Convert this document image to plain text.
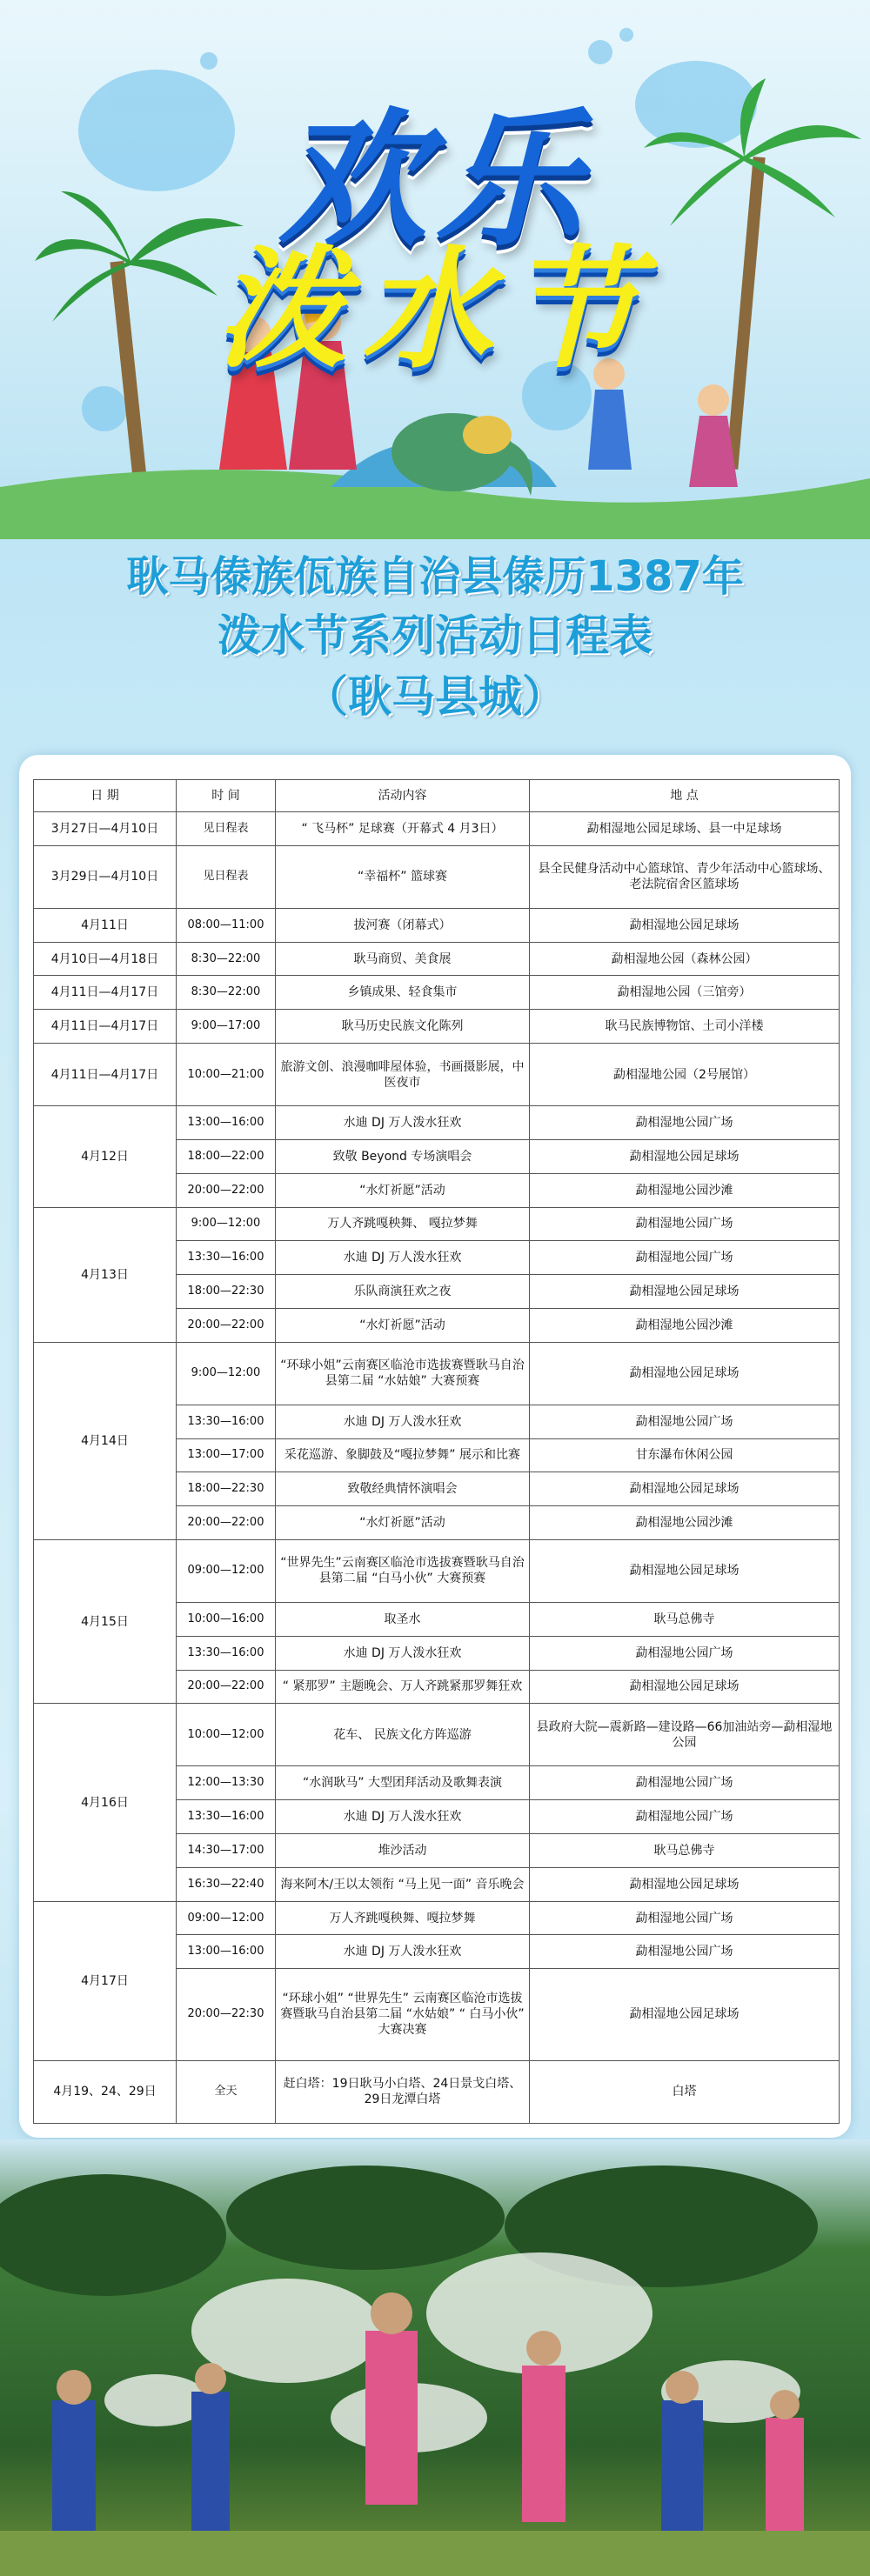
欢乐
泼水节
耿马傣族佤族自治县傣历1387年
泼水节系列活动日程表
（耿马县城）
日 期	时 间	活动内容	地 点
3月27日—4月10日	见日程表	“ 飞马杯” 足球赛（开幕式 4 月3日）	勐相湿地公园足球场、县一中足球场
3月29日—4月10日	见日程表	“幸福杯” 篮球赛	县全民健身活动中心篮球馆、青少年活动中心篮球场、老法院宿舍区篮球场
4月11日	08:00—11:00	拔河赛（闭幕式）	勐相湿地公园足球场
4月10日—4月18日	8:30—22:00	耿马商贸、美食展	勐相湿地公园（森林公园）
4月11日—4月17日	8:30—22:00	乡镇成果、轻食集市	勐相湿地公园（三馆旁）
4月11日—4月17日	9:00—17:00	耿马历史民族文化陈列	耿马民族博物馆、土司小洋楼
4月11日—4月17日	10:00—21:00	旅游文创、浪漫咖啡屋体验，书画摄影展，中医夜市	勐相湿地公园（2号展馆）
4月12日	13:00—16:00	水迪 DJ 万人泼水狂欢	勐相湿地公园广场
	18:00—22:00	致敬 Beyond 专场演唱会	勐相湿地公园足球场
	20:00—22:00	“水灯祈愿”活动	勐相湿地公园沙滩
4月13日	9:00—12:00	万人齐跳嘎秧舞、 嘎拉梦舞	勐相湿地公园广场
	13:30—16:00	水迪 DJ 万人泼水狂欢	勐相湿地公园广场
	18:00—22:30	乐队商演狂欢之夜	勐相湿地公园足球场
	20:00—22:00	“水灯祈愿”活动	勐相湿地公园沙滩
4月14日	9:00—12:00	“环球小姐”云南赛区临沧市选拔赛暨耿马自治县第二届 “水姑娘” 大赛预赛	勐相湿地公园足球场
	13:30—16:00	水迪 DJ 万人泼水狂欢	勐相湿地公园广场
	13:00—17:00	采花巡游、象脚鼓及“嘎拉梦舞” 展示和比赛	甘东瀑布休闲公园
	18:00—22:30	致敬经典情怀演唱会	勐相湿地公园足球场
	20:00—22:00	“水灯祈愿”活动	勐相湿地公园沙滩
4月15日	09:00—12:00	“世界先生”云南赛区临沧市选拔赛暨耿马自治县第二届 “白马小伙” 大赛预赛	勐相湿地公园足球场
	10:00—16:00	取圣水	耿马总佛寺
	13:30—16:00	水迪 DJ 万人泼水狂欢	勐相湿地公园广场
	20:00—22:00	“ 紧那罗” 主题晚会、万人齐跳紧那罗舞狂欢	勐相湿地公园足球场
4月16日	10:00—12:00	花车、 民族文化方阵巡游	县政府大院—震新路—建设路—66加油站旁—勐相湿地公园
	12:00—13:30	“水润耿马” 大型团拜活动及歌舞表演	勐相湿地公园广场
	13:30—16:00	水迪 DJ 万人泼水狂欢	勐相湿地公园广场
	14:30—17:00	堆沙活动	耿马总佛寺
	16:30—22:40	海来阿木/王以太领衔 “马上见一面” 音乐晚会	勐相湿地公园足球场
4月17日	09:00—12:00	万人齐跳嘎秧舞、嘎拉梦舞	勐相湿地公园广场
	13:00—16:00	水迪 DJ 万人泼水狂欢	勐相湿地公园广场
	20:00—22:30	“环球小姐” “世界先生” 云南赛区临沧市选拔赛暨耿马自治县第二届 “水姑娘” “ 白马小伙” 大赛决赛	勐相湿地公园足球场
4月19、24、29日	全天	赶白塔：19日耿马小白塔、24日景戈白塔、29日龙潭白塔	白塔
